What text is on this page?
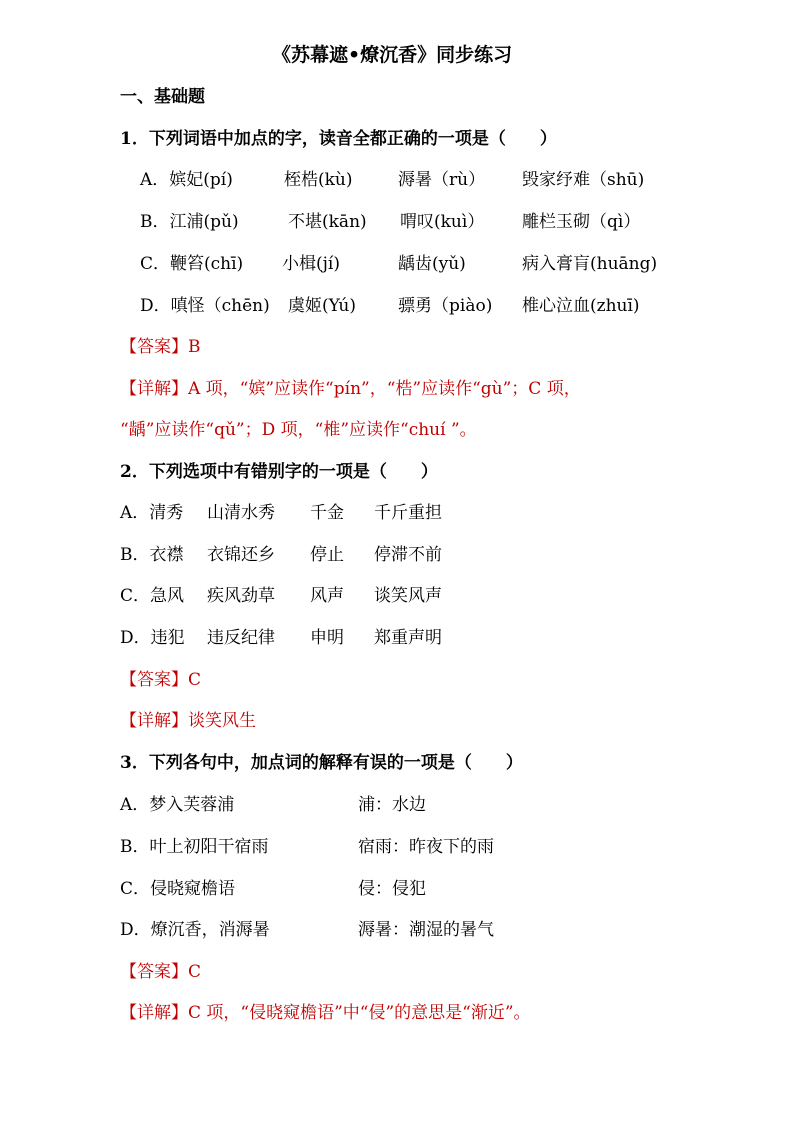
《苏幕遮•燎沉香》同步练习
一、基础题
1．下列词语中加点的字，读音全都正确的一项是（　　）
A．嫔妃(pí)	桎梏(kù)	溽暑（rù） 毁家纾难（shū)
B．江浦(pǔ)	不堪(kān) 喟叹(kuì） 雕栏玉砌（qì）
C．鞭笞(chī) 小楫(jí)	龋齿(yǔ)	病入膏肓(huāng)
D．嗔怪（chēn) 虞姬(Yú) 骠勇（piào) 椎心泣血(zhuī)
【答案】B
【详解】A 项，“嫔”应读作“pín”，“梏”应读作“gù”；C 项，
“龋”应读作“qǔ”；D 项，“椎”应读作“chuí ”。
2．下列选项中有错别字的一项是（　　）
A．清秀 山清水秀 千金 千斤重担
B．衣襟 衣锦还乡 停止 停滞不前
C．急风 疾风劲草 风声 谈笑风声
D．违犯 违反纪律 申明 郑重声明
【答案】C
【详解】谈笑风生
3．下列各句中，加点词的解释有误的一项是（　　）
A．梦入芙蓉浦	浦：水边
B．叶上初阳干宿雨	宿雨：昨夜下的雨
C．侵晓窥檐语	侵：侵犯
D．燎沉香，消溽暑	溽暑：潮湿的暑气
【答案】C
【详解】C 项，“侵晓窥檐语”中“侵”的意思是“渐近”。
